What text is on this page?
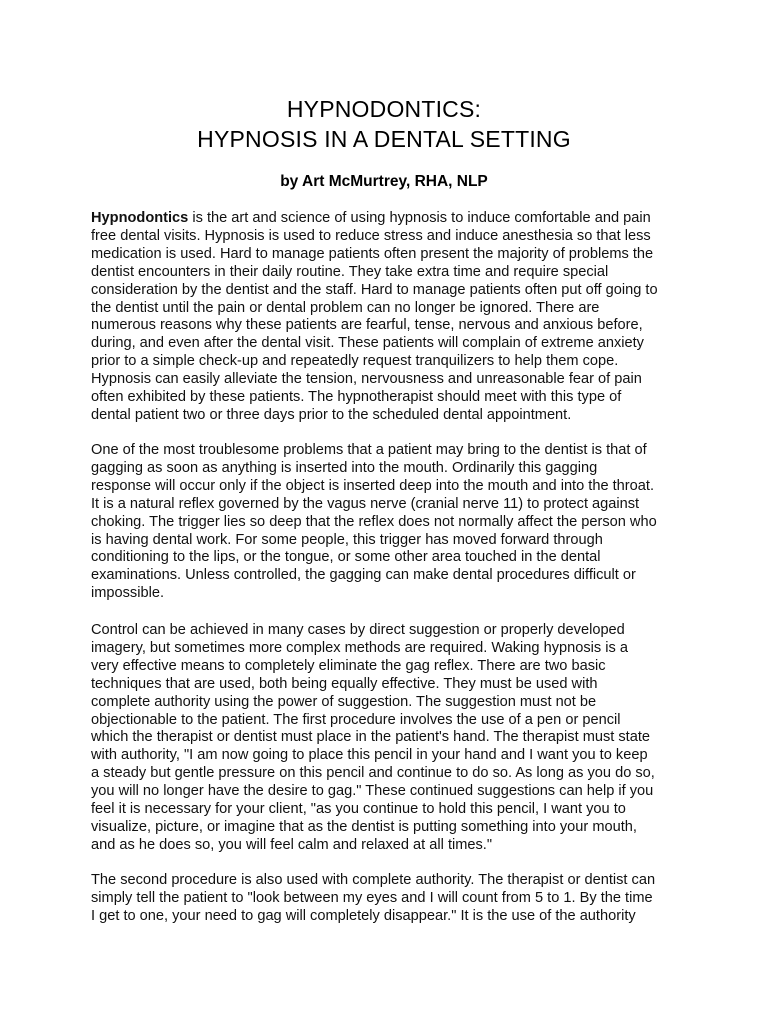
HYPNODONTICS:
HYPNOSIS IN A DENTAL SETTING

by Art McMurtrey, RHA, NLP

Hypnodontics is the art and science of using hypnosis to induce comfortable and pain
free dental visits. Hypnosis is used to reduce stress and induce anesthesia so that less
medication is used. Hard to manage patients often present the majority of problems the
dentist encounters in their daily routine. They take extra time and require special
consideration by the dentist and the staff. Hard to manage patients often put off going to
the dentist until the pain or dental problem can no longer be ignored. There are
numerous reasons why these patients are fearful, tense, nervous and anxious before,
during, and even after the dental visit. These patients will complain of extreme anxiety
prior to a simple check-up and repeatedly request tranquilizers to help them cope.
Hypnosis can easily alleviate the tension, nervousness and unreasonable fear of pain
often exhibited by these patients. The hypnotherapist should meet with this type of
dental patient two or three days prior to the scheduled dental appointment.
One of the most troublesome problems that a patient may bring to the dentist is that of
gagging as soon as anything is inserted into the mouth. Ordinarily this gagging
response will occur only if the object is inserted deep into the mouth and into the throat.
It is a natural reflex governed by the vagus nerve (cranial nerve 11) to protect against
choking. The trigger lies so deep that the reflex does not normally affect the person who
is having dental work. For some people, this trigger has moved forward through
conditioning to the lips, or the tongue, or some other area touched in the dental
examinations. Unless controlled, the gagging can make dental procedures difficult or
impossible.
Control can be achieved in many cases by direct suggestion or properly developed
imagery, but sometimes more complex methods are required. Waking hypnosis is a
very effective means to completely eliminate the gag reflex. There are two basic
techniques that are used, both being equally effective. They must be used with
complete authority using the power of suggestion. The suggestion must not be
objectionable to the patient. The first procedure involves the use of a pen or pencil
which the therapist or dentist must place in the patient's hand. The therapist must state
with authority, "I am now going to place this pencil in your hand and I want you to keep
a steady but gentle pressure on this pencil and continue to do so. As long as you do so,
you will no longer have the desire to gag." These continued suggestions can help if you
feel it is necessary for your client, "as you continue to hold this pencil, I want you to
visualize, picture, or imagine that as the dentist is putting something into your mouth,
and as he does so, you will feel calm and relaxed at all times."
The second procedure is also used with complete authority. The therapist or dentist can
simply tell the patient to "look between my eyes and I will count from 5 to 1. By the time
I get to one, your need to gag will completely disappear." It is the use of the authority
